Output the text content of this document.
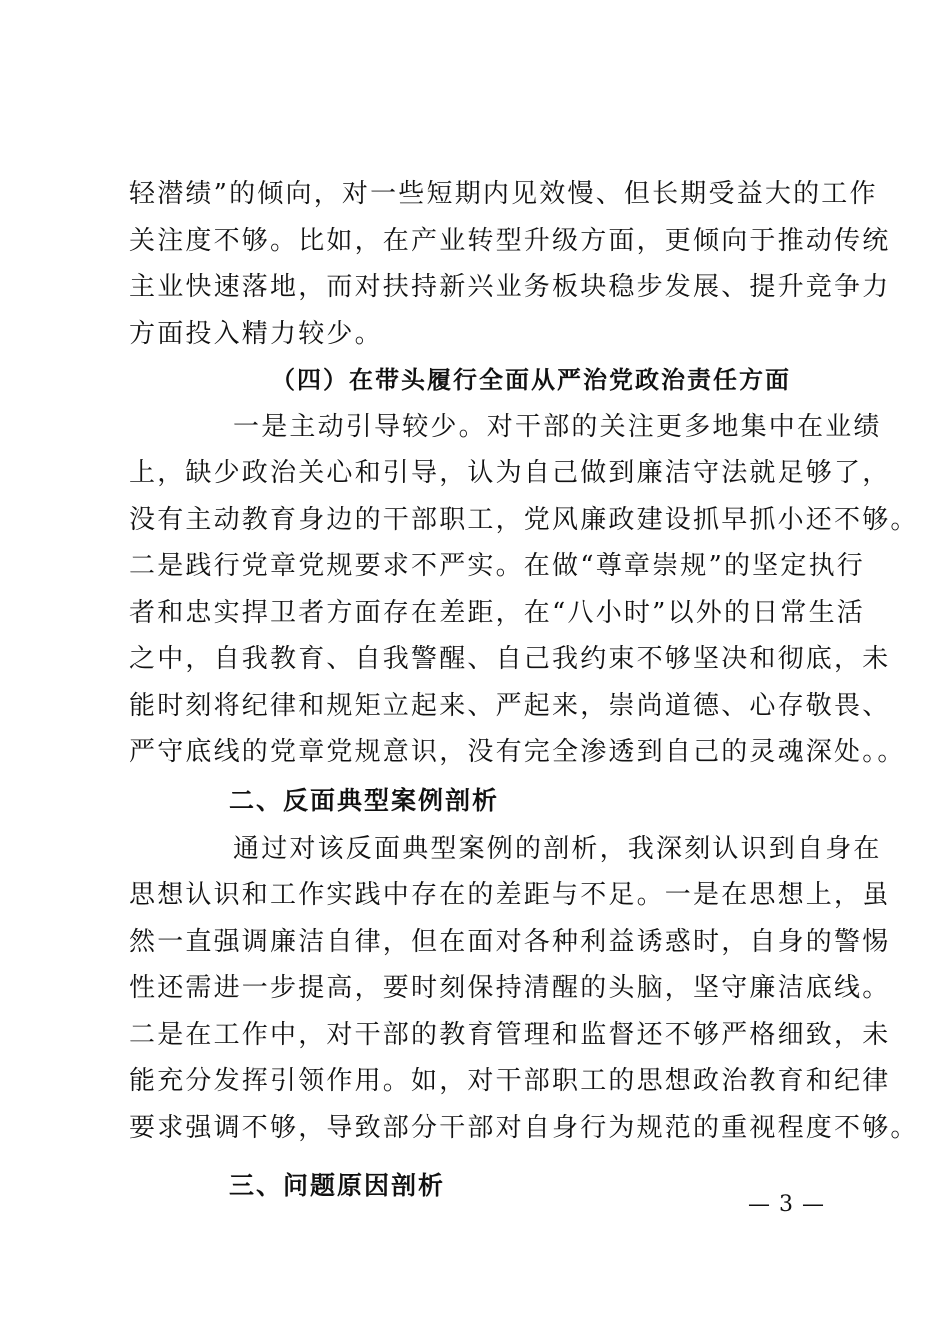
轻潜绩”的倾向，对一些短期内见效慢、但长期受益大的工作
关注度不够。比如，在产业转型升级方面，更倾向于推动传统
主业快速落地，而对扶持新兴业务板块稳步发展、提升竞争力
方面投入精力较少。
（四）在带头履行全面从严治党政治责任方面
一是主动引导较少。对干部的关注更多地集中在业绩
上，缺少政治关心和引导，认为自己做到廉洁守法就足够了，
没有主动教育身边的干部职工，党风廉政建设抓早抓小还不够。
二是践行党章党规要求不严实。在做“尊章崇规”的坚定执行
者和忠实捍卫者方面存在差距，在“八小时”以外的日常生活
之中，自我教育、自我警醒、自己我约束不够坚决和彻底，未
能时刻将纪律和规矩立起来、严起来，崇尚道德、心存敬畏、
严守底线的党章党规意识，没有完全渗透到自己的灵魂深处。。
二、反面典型案例剖析
通过对该反面典型案例的剖析，我深刻认识到自身在
思想认识和工作实践中存在的差距与不足。一是在思想上，虽
然一直强调廉洁自律，但在面对各种利益诱惑时，自身的警惕
性还需进一步提高，要时刻保持清醒的头脑，坚守廉洁底线。
二是在工作中，对干部的教育管理和监督还不够严格细致，未
能充分发挥引领作用。如，对干部职工的思想政治教育和纪律
要求强调不够，导致部分干部对自身行为规范的重视程度不够。
三、问题原因剖析
— 3 —
